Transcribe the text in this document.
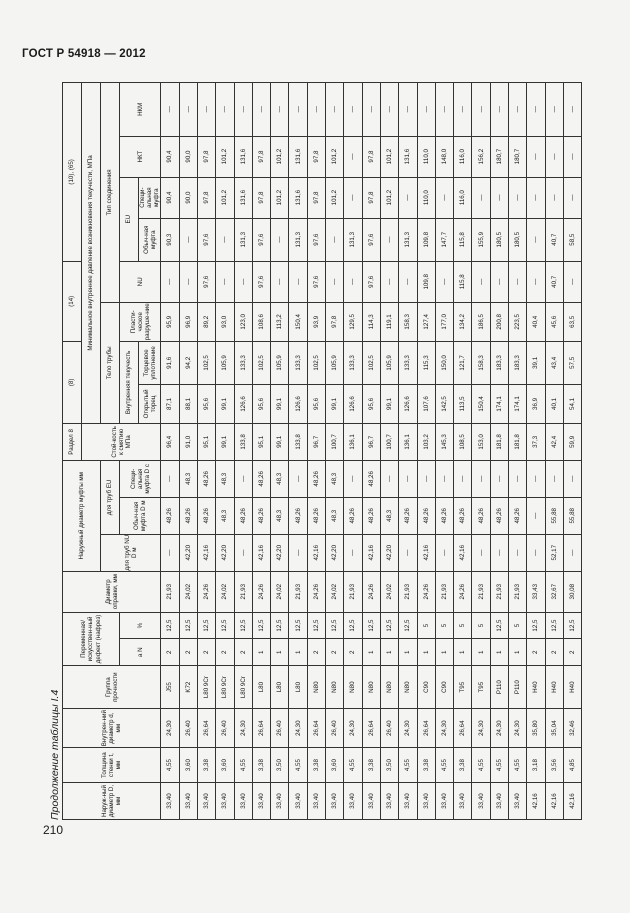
ГОСТ Р 54918 — 2012
210
Продолжение таблицы I.4	Наруж-ный диаметр D, мм	Толщина стенки t, мм	Внутрен-ний диаметр d, мм	Группа прочности	Переменная/ искусствен-ный дефект (нафрез)		Диаметр оправки, мм	Наружный диаметр муфты мм			Раздел 8	(8)		(14)		(10), (65)			
										Стой-кость к смятию МПа	Минимальное внутреннее давление возникновения текучести, МПа							
							для труб NU D м	для труб EU			Тело трубы			Тип соединения				
				a N	%			Обыч-ная муфта D м	Специ-альная муфта D с		Внутренняя текучесть		Пласти-ческое разруше-ние	NU	EU		НКТ	НКМ
											Открытый торец	Торцевое уплотнение			Обыч-ная муфта	Специ-альная муфта		
33,40	4,55	24,30	J55	2	12,5	21,93	—	48,26	—	96,4	87,1	91,6	95,9	—	90,3	90,4	90,4	—
33,40	3,60	26,40	K72	2	12,5	24,02	42,20	48,26	48,3	91,0	88,1	94,2	96,9	—	—	90,0	90,0	—
33,40	3,38	26,64	L80 9Cr	2	12,5	24,26	42,16	48,26	48,26	95,1	95,6	102,5	89,2	97,6	97,6	97,8	97,8	—
33,40	3,60	26,40	L80 9Cr	2	12,5	24,02	42,20	48,3	48,3	99,1	99,1	105,9	93,0	—	—	101,2	101,2	—
33,40	4,55	24,30	L80 9Cr	2	12,5	21,93	—	48,26	—	133,8	126,6	133,3	123,0	—	131,3	131,6	131,6	—
33,40	3,38	26,64	L80	1	12,5	24,26	42,16	48,26	48,26	95,1	95,6	102,5	108,6	97,6	97,6	97,8	97,8	—
33,40	3,50	26,40	L80	1	12,5	24,02	42,20	48,3	48,3	99,1	99,1	105,9	113,2	—	—	101,2	101,2	—
33,40	4,55	24,30	L80	1	12,5	21,93	—	48,26	—	133,8	126,6	133,3	150,4	—	131,3	131,6	131,6	—
33,40	3,38	26,64	N80	2	12,5	24,26	42,16	48,26	48,26	96,7	95,6	102,5	93,9	97,6	97,6	97,8	97,8	—
33,40	3,60	26,40	N80	2	12,5	24,02	42,20	48,3	48,3	100,7	99,1	105,9	97,8	—	—	101,2	101,2	—
33,40	4,55	24,30	N80	2	12,5	21,93	—	48,26	—	136,1	126,6	133,3	129,5	—	131,3	—	—	—
33,40	3,38	26,64	N80	1	12,5	24,26	42,16	48,26	48,26	96,7	95,6	102,5	114,3	97,6	97,6	97,8	97,8	—
33,40	3,50	26,40	N80	1	12,5	24,02	42,20	48,3	—	100,7	99,1	105,9	119,1	—	—	101,2	101,2	—
33,40	4,55	24,30	N80	1	12,5	21,93	—	48,26	—	136,1	126,6	133,3	158,3	—	131,3	—	131,6	—
33,40	3,38	26,64	C90	1	5	24,26	42,16	48,26	—	103,2	107,6	115,3	127,4	109,8	109,8	110,0	110,0	—
33,40	4,55	24,30	C90	1	5	21,93	—	48,26	—	145,3	142,5	150,0	177,0	—	147,7	—	148,0	—
33,40	3,38	26,64	T95	1	5	24,26	42,16	48,26	—	108,5	113,5	121,7	134,2	115,8	115,8	116,0	116,0	—
33,40	4,55	24,30	T95	1	5	21,93	—	48,26	—	153,0	150,4	158,3	186,5	—	155,9	—	156,2	—
33,40	4,55	24,30	P110	1	12,5	21,93	—	48,26	—	181,8	174,1	183,3	200,8	—	180,5	—	180,7	—
33,40	4,55	24,30	P110	1	5	21,93	—	48,26	—	181,8	174,1	183,3	223,5	—	180,5	—	180,7	—
42,16	3,18	35,80	H40	2	12,5	33,43	—	—	—	37,3	36,9	39,1	40,4	—	—	—	—	—
42,16	3,56	35,04	H40	2	12,5	32,67	52,17	55,88	—	42,4	40,1	43,4	45,6	40,7	40,7	—	—	—
42,16	4,85	32,46	H40	2	12,5	30,08	—	55,88	—	59,9	54,1	57,5	63,5	—	58,5	—	—	—
